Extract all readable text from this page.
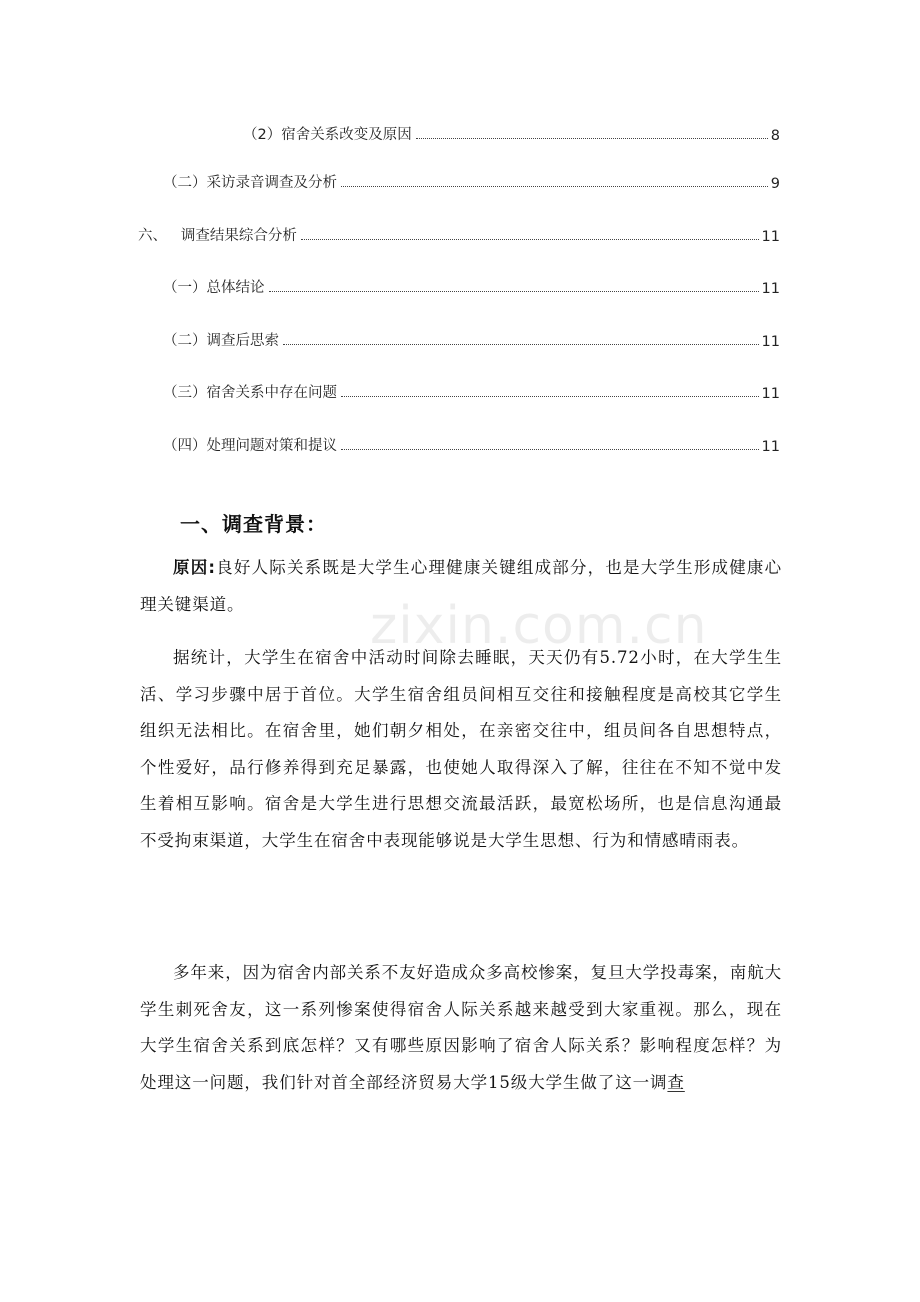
（2）宿舍关系改变及原因	8
（二）采访录音调查及分析	9
六、   调查结果综合分析	11
（一）总体结论	11
（二）调查后思索	11
（三）宿舍关系中存在问题	11
（四）处理问题对策和提议	11
一、调查背景：
zixin.com.cn
原因:良好人际关系既是大学生心理健康关键组成部分，也是大学生形成健康心理关键渠道。
据统计，大学生在宿舍中活动时间除去睡眠，天天仍有5.72小时，在大学生生活、学习步骤中居于首位。大学生宿舍组员间相互交往和接触程度是高校其它学生组织无法相比。在宿舍里，她们朝夕相处，在亲密交往中，组员间各自思想特点，个性爱好，品行修养得到充足暴露，也使她人取得深入了解，往往在不知不觉中发生着相互影响。宿舍是大学生进行思想交流最活跃，最宽松场所，也是信息沟通最不受拘束渠道，大学生在宿舍中表现能够说是大学生思想、行为和情感晴雨表。
多年来，因为宿舍内部关系不友好造成众多高校惨案，复旦大学投毒案，南航大学生刺死舍友，这一系列惨案使得宿舍人际关系越来越受到大家重视。那么，现在大学生宿舍关系到底怎样？又有哪些原因影响了宿舍人际关系？影响程度怎样？为处理这一问题，我们针对首全部经济贸易大学15级大学生做了这一调查
